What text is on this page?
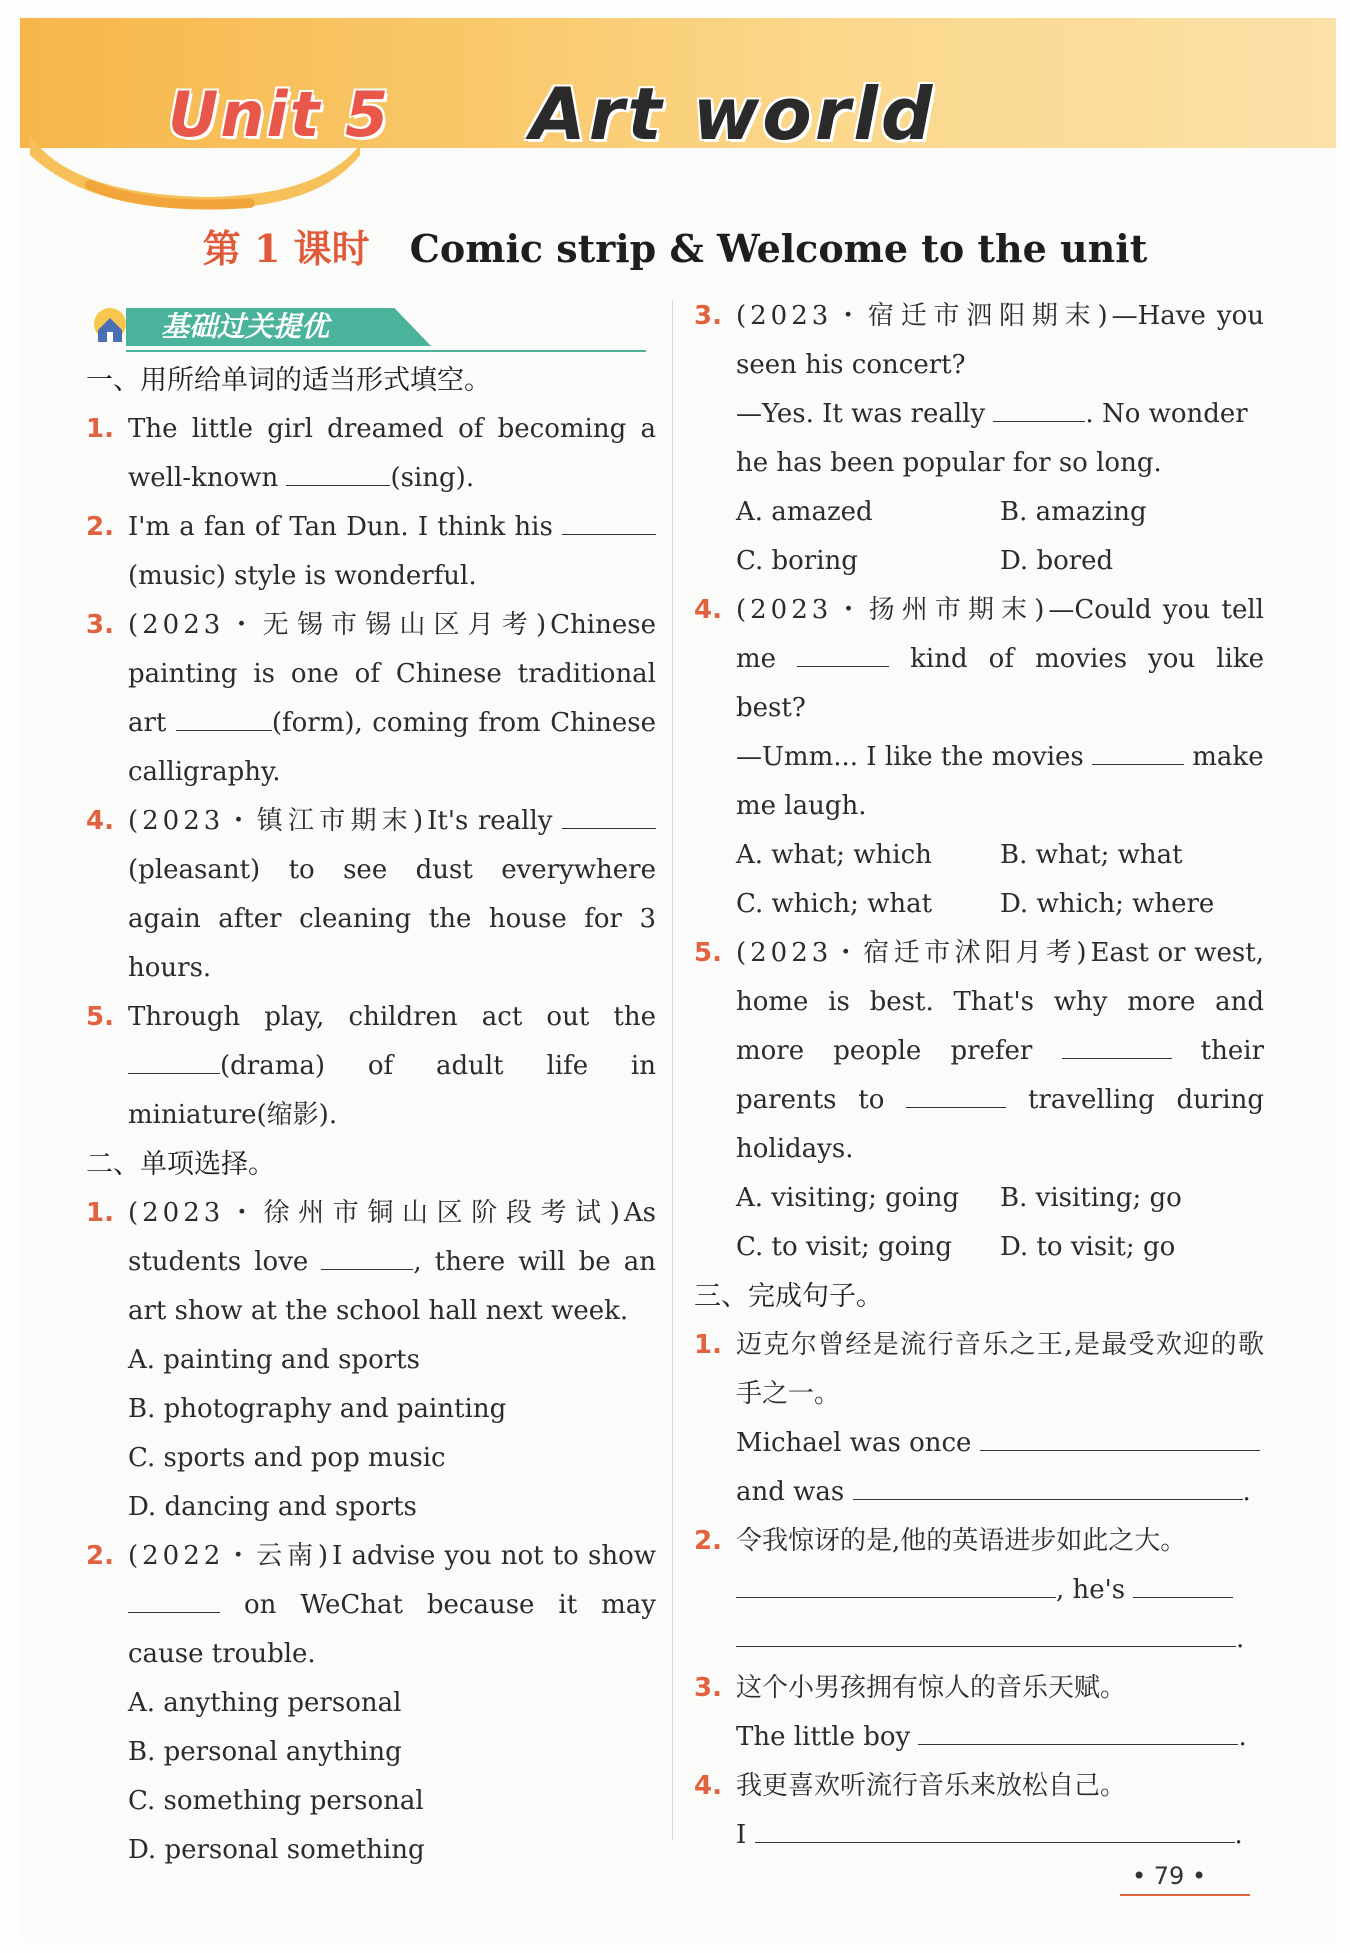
Unit 5 Art world
第 1 课时 Comic strip & Welcome to the unit
基础过关提优
一、用所给单词的适当形式填空。
1. The little girl dreamed of becoming a well-known	(sing).
2. I'm a fan of Tan Dun. I think his  (music) style is wonderful.
3. (2023・无锡市锡山区月考)Chinese painting is one of Chinese traditional art	(form), coming from Chinese calligraphy.
4. (2023・镇江市期末)It's really  (pleasant) to see dust everywhere again after cleaning the house for 3 hours.
5. Through play, children act out the (drama) of adult life in miniature(缩影).
二、单项选择。
1. (2023・徐州市铜山区阶段考试)As students love	, there will be an art show at the school hall next week.
A. painting and sports
B. photography and painting
C. sports and pop music
D. dancing and sports
2. (2022・云南)I advise you not to show  on WeChat because it may cause trouble.
A. anything personal
B. personal anything
C. something personal
D. personal something
3. (2023・宿迁市泗阳期末)—Have you seen his concert?
—Yes. It was really	. No wonder he has been popular for so long.
A. amazed	B. amazing
C. boring	D. bored
4. (2023・扬州市期末)—Could you tell me	kind of movies you like best?
—Umm... I like the movies	make me laugh.
A. what; which	B. what; what
C. which; what	D. which; where
5. (2023・宿迁市沭阳月考)East or west, home is best. That's why more and more people prefer	their parents to	travelling during holidays.
A. visiting; going	B. visiting; go
C. to visit; going	D. to visit; go
三、完成句子。
1. 迈克尔曾经是流行音乐之王,是最受欢迎的歌手之一。
Michael was once
and was	.
2. 令我惊讶的是,他的英语进步如此之大。
, he's
.
3. 这个小男孩拥有惊人的音乐天赋。
The little boy	.
4. 我更喜欢听流行音乐来放松自己。
I	.
• 79 •
